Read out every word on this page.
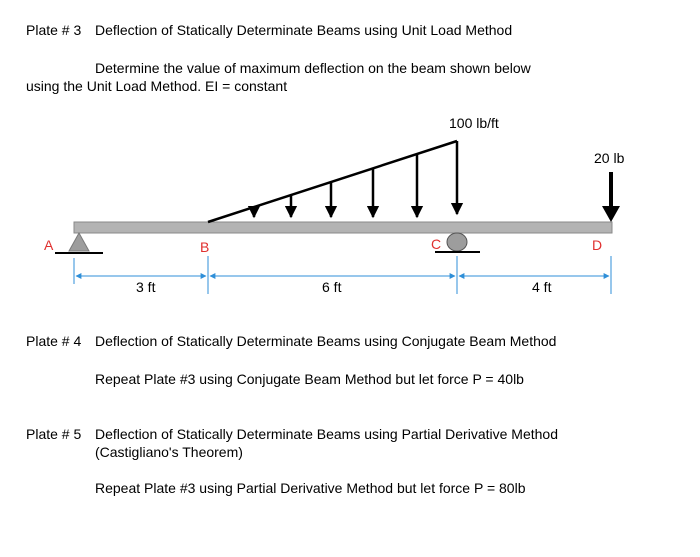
Plate # 3 Deflection of Statically Determinate Beams using Unit Load Method
Determine the value of maximum deflection on the beam shown below
using the Unit Load Method. EI = constant
100 lb/ft
20 lb
A	B	C	D
3 ft	6 ft	4 ft
Plate # 4 Deflection of Statically Determinate Beams using Conjugate Beam Method
Repeat Plate #3 using Conjugate Beam Method but let force P = 40lb
Plate # 5 Deflection of Statically Determinate Beams using Partial Derivative Method
(Castigliano's Theorem)
Repeat Plate #3 using Partial Derivative Method but let force P = 80lb
